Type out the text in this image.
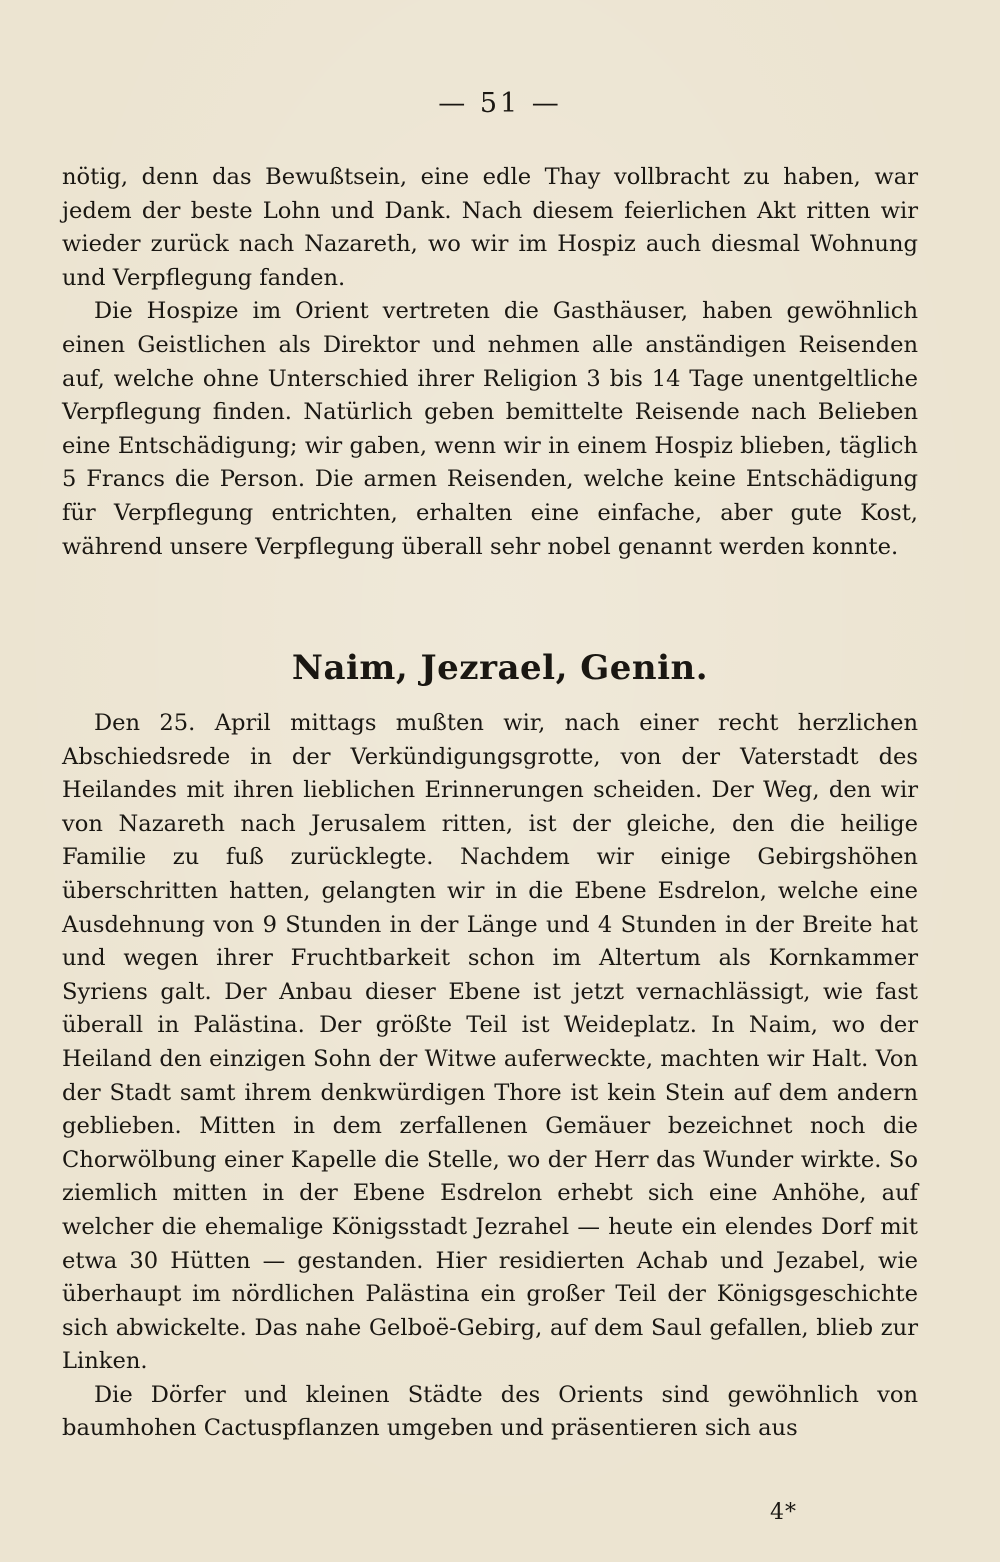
— 51 —

nötig, denn das Bewußtsein, eine edle Thay vollbracht zu haben, war jedem der beste Lohn und Dank. Nach diesem feierlichen Akt ritten wir wieder zurück nach Nazareth, wo wir im Hospiz auch diesmal Wohnung und Verpflegung fanden.

Die Hospize im Orient vertreten die Gasthäuser, haben gewöhnlich einen Geistlichen als Direktor und nehmen alle anständigen Reisenden auf, welche ohne Unterschied ihrer Religion 3 bis 14 Tage unentgeltliche Verpflegung finden. Natürlich geben bemittelte Reisende nach Belieben eine Entschädigung; wir gaben, wenn wir in einem Hospiz blieben, täglich 5 Francs die Person. Die armen Reisenden, welche keine Entschädigung für Verpflegung entrichten, erhalten eine einfache, aber gute Kost, während unsere Verpflegung überall sehr nobel genannt werden konnte.

Naim, Jezrael, Genin.

Den 25. April mittags mußten wir, nach einer recht herzlichen Abschiedsrede in der Verkündigungsgrotte, von der Vaterstadt des Heilandes mit ihren lieblichen Erinnerungen scheiden. Der Weg, den wir von Nazareth nach Jerusalem ritten, ist der gleiche, den die heilige Familie zu fuß zurücklegte. Nachdem wir einige Gebirgshöhen überschritten hatten, gelangten wir in die Ebene Esdrelon, welche eine Ausdehnung von 9 Stunden in der Länge und 4 Stunden in der Breite hat und wegen ihrer Fruchtbarkeit schon im Altertum als Kornkammer Syriens galt. Der Anbau dieser Ebene ist jetzt vernachlässigt, wie fast überall in Palästina. Der größte Teil ist Weideplatz. In Naim, wo der Heiland den einzigen Sohn der Witwe auferweckte, machten wir Halt. Von der Stadt samt ihrem denkwürdigen Thore ist kein Stein auf dem andern geblieben. Mitten in dem zerfallenen Gemäuer bezeichnet noch die Chorwölbung einer Kapelle die Stelle, wo der Herr das Wunder wirkte. So ziemlich mitten in der Ebene Esdrelon erhebt sich eine Anhöhe, auf welcher die ehemalige Königsstadt Jezrahel — heute ein elendes Dorf mit etwa 30 Hütten — gestanden. Hier residierten Achab und Jezabel, wie überhaupt im nördlichen Palästina ein großer Teil der Königsgeschichte sich abwickelte. Das nahe Gelboë-Gebirg, auf dem Saul gefallen, blieb zur Linken.

Die Dörfer und kleinen Städte des Orients sind gewöhnlich von baumhohen Cactuspflanzen umgeben und präsentieren sich aus

4*
